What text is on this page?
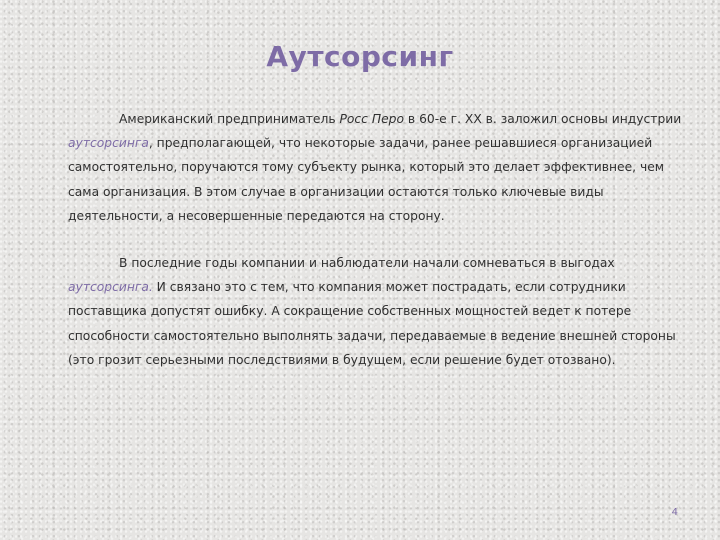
Аутсорсинг

Американский предприниматель Росс Перо в 60-е г. XX в. заложил основы индустрии аутсорсинга, предполагающей, что некоторые задачи, ранее решавшиеся организацией самостоятельно, поручаются тому субъекту рынка, который это делает эффективнее, чем сама организация. В этом случае в организации остаются только ключевые виды деятельности, а несовершенные передаются на сторону.

В последние годы компании и наблюдатели начали сомневаться в выгодах аутсорсинга. И связано это с тем, что компания может пострадать, если сотрудники поставщика допустят ошибку. А сокращение собственных мощностей ведет к потере способности самостоятельно выполнять задачи, передаваемые в ведение внешней стороны (это грозит серьезными последствиями в будущем, если решение будет отозвано).

4
